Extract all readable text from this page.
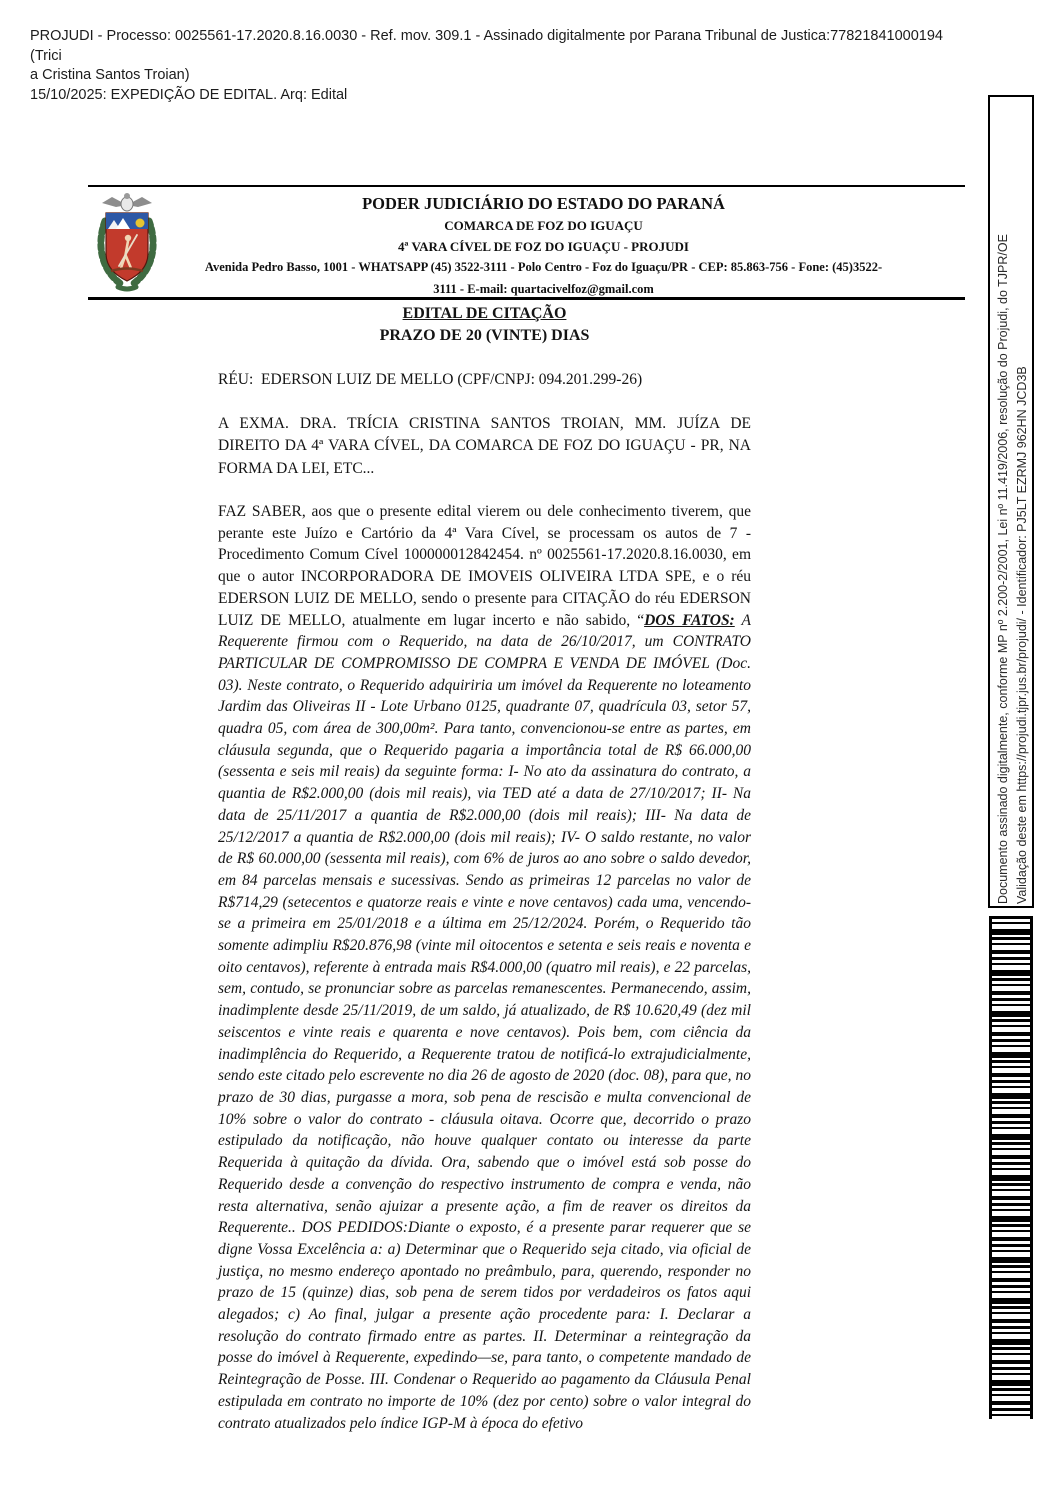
PROJUDI - Processo: 0025561-17.2020.8.16.0030 - Ref. mov. 309.1 - Assinado digitalmente por Parana Tribunal de Justica:77821841000194 (Trici
a Cristina Santos Troian)
15/10/2025: EXPEDIÇÃO DE EDITAL. Arq: Edital
PODER JUDICIÁRIO DO ESTADO DO PARANÁ
COMARCA DE FOZ DO IGUAÇU
4ª VARA CÍVEL DE FOZ DO IGUAÇU - PROJUDI
Avenida Pedro Basso, 1001 - WHATSAPP (45) 3522-3111 - Polo Centro - Foz do Iguaçu/PR - CEP: 85.863-756 - Fone: (45)3522-
3111 - E-mail: quartacivelfoz@gmail.com
EDITAL DE CITAÇÃO
PRAZO DE 20 (VINTE) DIAS
RÉU:  EDERSON LUIZ DE MELLO (CPF/CNPJ: 094.201.299-26)
A EXMA. DRA. TRÍCIA CRISTINA SANTOS TROIAN, MM. JUÍZA DE DIREITO DA 4ª VARA CÍVEL, DA COMARCA DE FOZ DO IGUAÇU - PR, NA FORMA DA LEI, ETC...
FAZ SABER, aos que o presente edital vierem ou dele conhecimento tiverem, que perante este Juízo e Cartório da 4ª Vara Cível, se processam os autos de 7 - Procedimento Comum Cível 100000012842454. nº 0025561-17.2020.8.16.0030, em que o autor INCORPORADORA DE IMOVEIS OLIVEIRA LTDA SPE, e o réu EDERSON LUIZ DE MELLO, sendo o presente para CITAÇÃO do réu EDERSON LUIZ DE MELLO, atualmente em lugar incerto e não sabido, “DOS FATOS: A Requerente firmou com o Requerido, na data de 26/10/2017, um CONTRATO PARTICULAR DE COMPROMISSO DE COMPRA E VENDA DE IMÓVEL (Doc. 03). Neste contrato, o Requerido adquiriria um imóvel da Requerente no loteamento Jardim das Oliveiras II - Lote Urbano 0125, quadrante 07, quadrícula 03, setor 57, quadra 05, com área de 300,00m². Para tanto, convencionou-se entre as partes, em cláusula segunda, que o Requerido pagaria a importância total de R$ 66.000,00 (sessenta e seis mil reais) da seguinte forma: I- No ato da assinatura do contrato, a quantia de R$2.000,00 (dois mil reais), via TED até a data de 27/10/2017; II- Na data de 25/11/2017 a quantia de R$2.000,00 (dois mil reais); III- Na data de 25/12/2017 a quantia de R$2.000,00 (dois mil reais); IV- O saldo restante, no valor de R$ 60.000,00 (sessenta mil reais), com 6% de juros ao ano sobre o saldo devedor, em 84 parcelas mensais e sucessivas. Sendo as primeiras 12 parcelas no valor de R$714,29 (setecentos e quatorze reais e vinte e nove centavos) cada uma, vencendo-se a primeira em 25/01/2018 e a última em 25/12/2024. Porém, o Requerido tão somente adimpliu R$20.876,98 (vinte mil oitocentos e setenta e seis reais e noventa e oito centavos), referente à entrada mais R$4.000,00 (quatro mil reais), e 22 parcelas, sem, contudo, se pronunciar sobre as parcelas remanescentes. Permanecendo, assim, inadimplente desde 25/11/2019, de um saldo, já atualizado, de R$ 10.620,49 (dez mil seiscentos e vinte reais e quarenta e nove centavos). Pois bem, com ciência da inadimplência do Requerido, a Requerente tratou de notificá-lo extrajudicialmente, sendo este citado pelo escrevente no dia 26 de agosto de 2020 (doc. 08), para que, no prazo de 30 dias, purgasse a mora, sob pena de rescisão e multa convencional de 10% sobre o valor do contrato - cláusula oitava. Ocorre que, decorrido o prazo estipulado da notificação, não houve qualquer contato ou interesse da parte Requerida à quitação da dívida. Ora, sabendo que o imóvel está sob posse do Requerido desde a convenção do respectivo instrumento de compra e venda, não resta alternativa, senão ajuizar a presente ação, a fim de reaver os direitos da Requerente.. DOS PEDIDOS:Diante o exposto, é a presente parar requerer que se digne Vossa Excelência a: a) Determinar que o Requerido seja citado, via oficial de justiça, no mesmo endereço apontado no preâmbulo, para, querendo, responder no prazo de 15 (quinze) dias, sob pena de serem tidos por verdadeiros os fatos aqui alegados; c) Ao final, julgar a presente ação procedente para: I. Declarar a resolução do contrato firmado entre as partes. II. Determinar a reintegração da posse do imóvel à Requerente, expedindo—se, para tanto, o competente mandado de Reintegração de Posse. III. Condenar o Requerido ao pagamento da Cláusula Penal estipulada em contrato no importe de 10% (dez por cento) sobre o valor integral do contrato atualizados pelo índice IGP-M à época do efetivo
Documento assinado digitalmente, conforme MP nº 2.200-2/2001, Lei nº 11.419/2006, resolução do Projudi, do TJPR/OE Validação deste em https://projudi.tjpr.jus.br/projudi/ - Identificador: PJ5LT EZRMJ 962HN JCD3B
